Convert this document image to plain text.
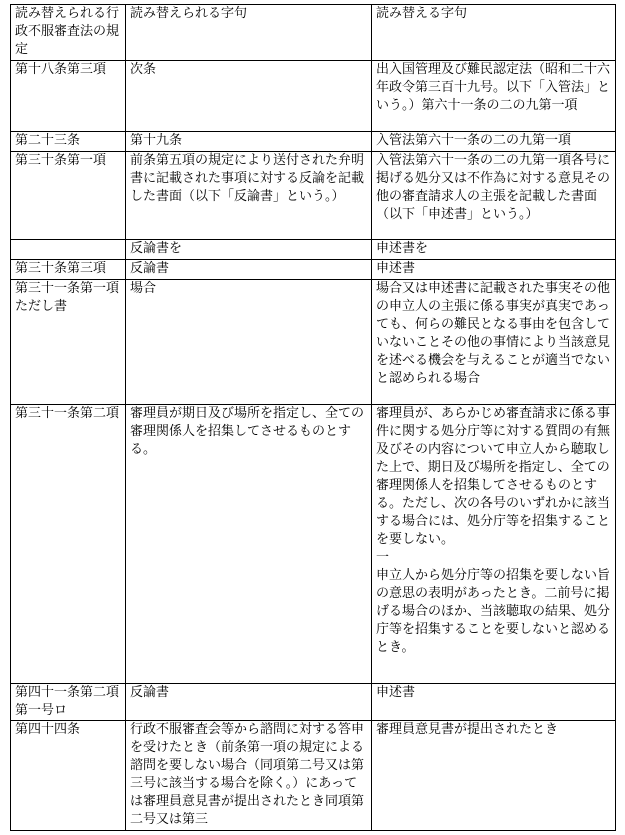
読み替えられる行政不服審査法の規定	読み替えられる字句	読み替える字句
第十八条第三項	次条	出入国管理及び難民認定法（昭和二十六年政令第三百十九号。以下「入管法」という。）第六十一条の二の九第一項
第二十三条	第十九条	入管法第六十一条の二の九第一項
第三十条第一項	前条第五項の規定により送付された弁明書に記載された事項に対する反論を記載した書面（以下「反論書」という。）	入管法第六十一条の二の九第一項各号に掲げる処分又は不作為に対する意見その他の審査請求人の主張を記載した書面（以下「申述書」という。）
	反論書を	申述書を
第三十条第三項	反論書	申述書
第三十一条第一項ただし書	場合	場合又は申述書に記載された事実その他の申立人の主張に係る事実が真実であっても、何らの難民となる事由を包含していないことその他の事情により当該意見を述べる機会を与えることが適当でないと認められる場合
第三十一条第二項	審理員が期日及び場所を指定し、全ての審理関係人を招集してさせるものとする。	審理員が、あらかじめ審査請求に係る事件に関する処分庁等に対する質問の有無及びその内容について申立人から聴取した上で、期日及び場所を指定し、全ての審理関係人を招集してさせるものとする。ただし、次の各号のいずれかに該当する場合には、処分庁等を招集することを要しない。
一
申立人から処分庁等の招集を要しない旨の意思の表明があったとき。二前号に掲げる場合のほか、当該聴取の結果、処分庁等を招集することを要しないと認めるとき。
第四十一条第二項第一号ロ	反論書	申述書
第四十四条	行政不服審査会等から諮問に対する答申を受けたとき（前条第一項の規定による諮問を要しない場合（同項第二号又は第三号に該当する場合を除く。）にあっては審理員意見書が提出されたとき同項第二号又は第三	審理員意見書が提出されたとき
